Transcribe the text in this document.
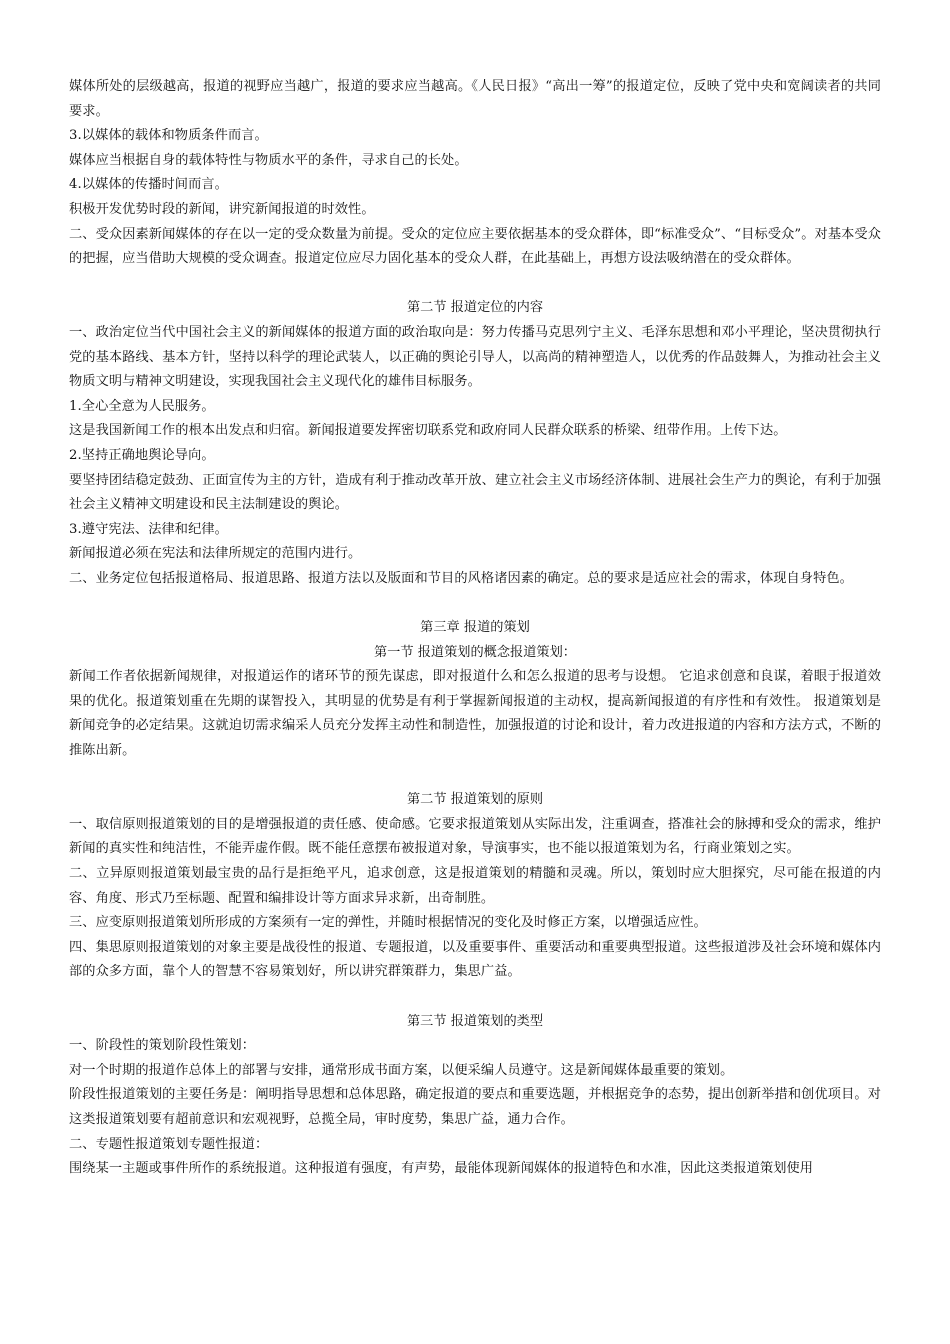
媒体所处的层级越高，报道的视野应当越广，报道的要求应当越高。《人民日报》“高出一筹”的报道定位，反映了党中央和宽阔读者的共同要求。

3.以媒体的载体和物质条件而言。

媒体应当根据自身的载体特性与物质水平的条件，寻求自己的长处。

4.以媒体的传播时间而言。

积极开发优势时段的新闻，讲究新闻报道的时效性。

二、受众因素新闻媒体的存在以一定的受众数量为前提。受众的定位应主要依据基本的受众群体，即“标准受众”、“目标受众”。对基本受众的把握，应当借助大规模的受众调查。报道定位应尽力固化基本的受众人群，在此基础上，再想方设法吸纳潜在的受众群体。

第二节 报道定位的内容

一、政治定位当代中国社会主义的新闻媒体的报道方面的政治取向是：努力传播马克思列宁主义、毛泽东思想和邓小平理论，坚决贯彻执行党的基本路线、基本方针，坚持以科学的理论武装人，以正确的舆论引导人，以高尚的精神塑造人，以优秀的作品鼓舞人，为推动社会主义物质文明与精神文明建设，实现我国社会主义现代化的雄伟目标服务。

1.全心全意为人民服务。

这是我国新闻工作的根本出发点和归宿。新闻报道要发挥密切联系党和政府同人民群众联系的桥梁、纽带作用。上传下达。

2.坚持正确地舆论导向。

要坚持团结稳定鼓劲、正面宣传为主的方针，造成有利于推动改革开放、建立社会主义市场经济体制、进展社会生产力的舆论，有利于加强社会主义精神文明建设和民主法制建设的舆论。

3.遵守宪法、法律和纪律。

新闻报道必须在宪法和法律所规定的范围内进行。

二、业务定位包括报道格局、报道思路、报道方法以及版面和节目的风格诸因素的确定。总的要求是适应社会的需求，体现自身特色。

第三章 报道的策划

第一节 报道策划的概念报道策划：

新闻工作者依据新闻规律，对报道运作的诸环节的预先谋虑，即对报道什么和怎么报道的思考与设想。 它追求创意和良谋，着眼于报道效果的优化。报道策划重在先期的谋智投入，其明显的优势是有利于掌握新闻报道的主动权，提高新闻报道的有序性和有效性。 报道策划是新闻竞争的必定结果。这就迫切需求编采人员充分发挥主动性和制造性，加强报道的讨论和设计，着力改进报道的内容和方法方式，不断的推陈出新。

第二节 报道策划的原则

一、取信原则报道策划的目的是增强报道的责任感、使命感。它要求报道策划从实际出发，注重调查，搭准社会的脉搏和受众的需求，维护新闻的真实性和纯洁性，不能弄虚作假。既不能任意摆布被报道对象，导演事实，也不能以报道策划为名，行商业策划之实。

二、立异原则报道策划最宝贵的品行是拒绝平凡，追求创意，这是报道策划的精髓和灵魂。所以，策划时应大胆探究，尽可能在报道的内容、角度、形式乃至标题、配置和编排设计等方面求异求新，出奇制胜。

三、应变原则报道策划所形成的方案须有一定的弹性，并随时根据情况的变化及时修正方案，以增强适应性。

四、集思原则报道策划的对象主要是战役性的报道、专题报道，以及重要事件、重要活动和重要典型报道。这些报道涉及社会环境和媒体内部的众多方面，靠个人的智慧不容易策划好，所以讲究群策群力，集思广益。

第三节 报道策划的类型

一、阶段性的策划阶段性策划：

对一个时期的报道作总体上的部署与安排，通常形成书面方案，以便采编人员遵守。这是新闻媒体最重要的策划。

阶段性报道策划的主要任务是：阐明指导思想和总体思路，确定报道的要点和重要选题，并根据竞争的态势，提出创新举措和创优项目。对这类报道策划要有超前意识和宏观视野，总揽全局，审时度势，集思广益，通力合作。

二、专题性报道策划专题性报道：

围绕某一主题或事件所作的系统报道。这种报道有强度，有声势，最能体现新闻媒体的报道特色和水准，因此这类报道策划使用
